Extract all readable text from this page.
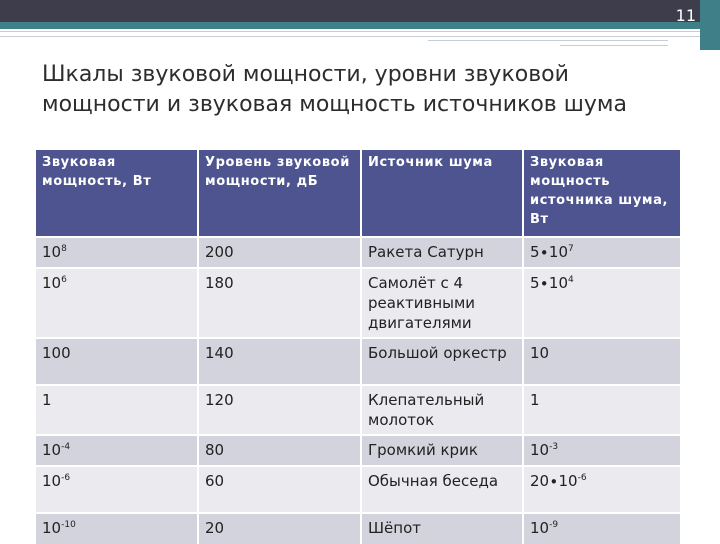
11
Шкалы звуковой мощности, уровни звуковой мощности и звуковая мощность источников шума
Звуковая мощность, Вт	Уровень звуковой мощности, дБ	Источник шума	Звуковая мощность источника шума, Вт
$10^8$	200	Ракета Сатурн	$5\cdot 10^7$
$10^6$	180	Самолёт с 4 реактивными двигателями	$5\cdot 10^4$
100	140	Большой оркестр	10
1	120	Клепательный молоток	1
$10^{-4}$	80	Громкий крик	$10^{-3}$
$10^{-6}$	60	Обычная беседа	$20\cdot 10^{-6}$
$10^{-10}$	20	Шёпот	$10^{-9}$
